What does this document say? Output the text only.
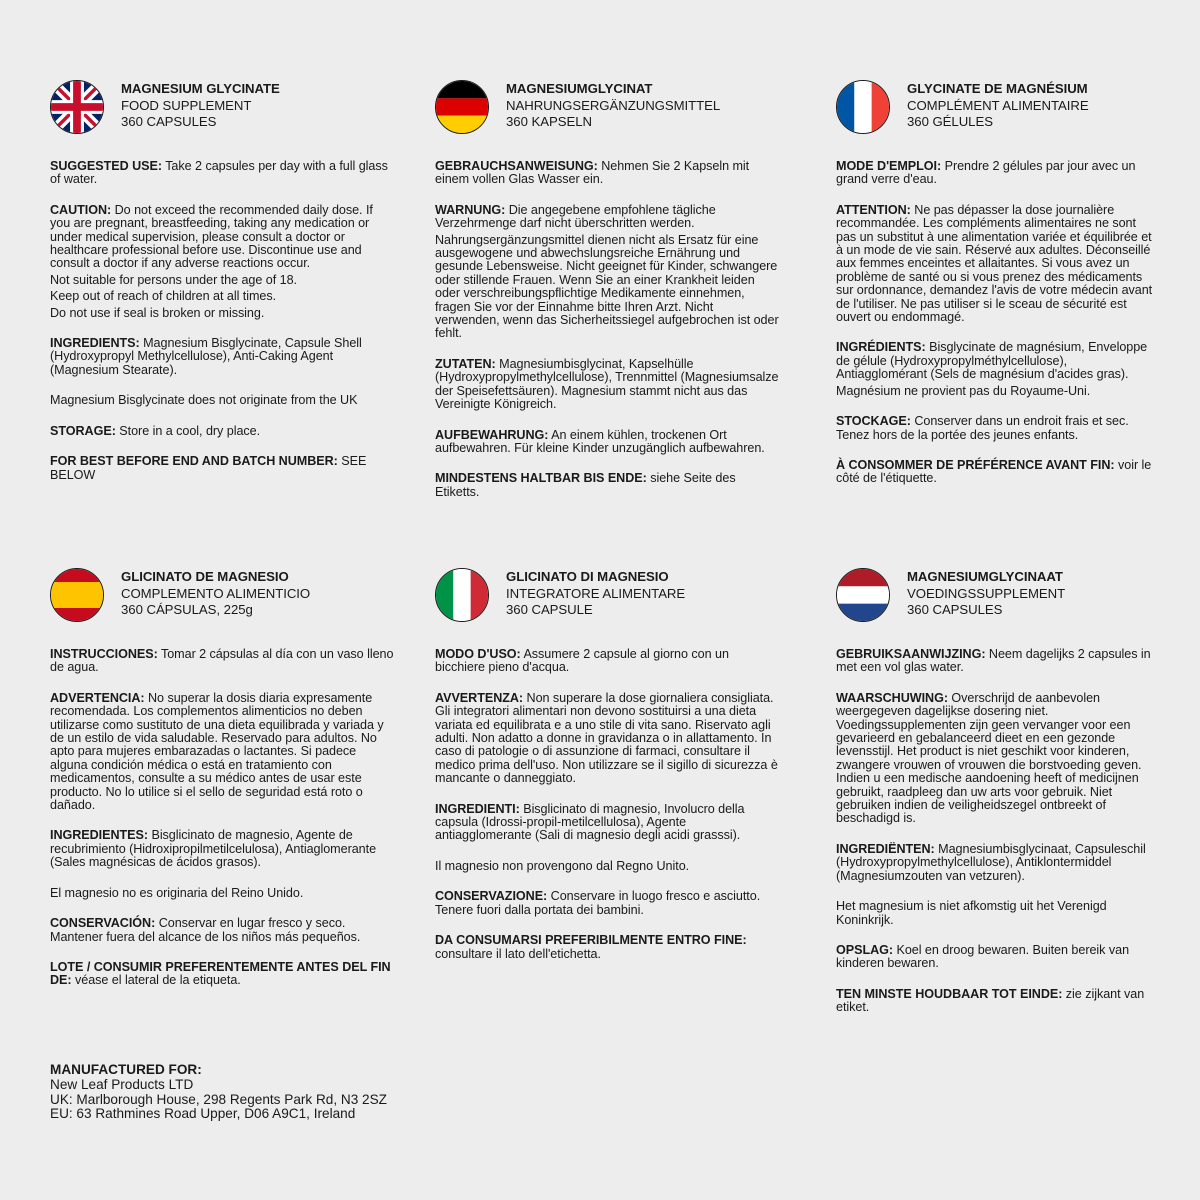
MAGNESIUM GLYCINATE
FOOD SUPPLEMENT
360 CAPSULES

SUGGESTED USE: Take 2 capsules per day with a full glass of water.

CAUTION: Do not exceed the recommended daily dose. If you are pregnant, breastfeeding, taking any medication or under medical supervision, please consult a doctor or healthcare professional before use. Discontinue use and consult a doctor if any adverse reactions occur.

Not suitable for persons under the age of 18.

Keep out of reach of children at all times.

Do not use if seal is broken or missing.

INGREDIENTS: Magnesium Bisglycinate, Capsule Shell (Hydroxypropyl Methylcellulose), Anti-Caking Agent (Magnesium Stearate).

Magnesium Bisglycinate does not originate from the UK

STORAGE: Store in a cool, dry place.

FOR BEST BEFORE END AND BATCH NUMBER: SEE BELOW

MAGNESIUMGLYCINAT
NAHRUNGSERGÄNZUNGSMITTEL
360 KAPSELN

GEBRAUCHSANWEISUNG: Nehmen Sie 2 Kapseln mit einem vollen Glas Wasser ein.

WARNUNG: Die angegebene empfohlene tägliche Verzehrmenge darf nicht überschritten werden.

Nahrungsergänzungsmittel dienen nicht als Ersatz für eine ausgewogene und abwechslungsreiche Ernährung und gesunde Lebensweise. Nicht geeignet für Kinder, schwangere oder stillende Frauen. Wenn Sie an einer Krankheit leiden oder verschreibungspflichtige Medikamente einnehmen, fragen Sie vor der Einnahme bitte Ihren Arzt. Nicht verwenden, wenn das Sicherheitssiegel aufgebrochen ist oder fehlt.

ZUTATEN: Magnesiumbisglycinat, Kapselhülle (Hydroxypropylmethylcellulose), Trennmittel (Magnesiumsalze der Speisefettsäuren). Magnesium stammt nicht aus das Vereinigte Königreich.

AUFBEWAHRUNG: An einem kühlen, trockenen Ort aufbewahren. Für kleine Kinder unzugänglich aufbewahren.

MINDESTENS HALTBAR BIS ENDE: siehe Seite des Etiketts.

GLYCINATE DE MAGNÉSIUM
COMPLÉMENT ALIMENTAIRE
360 GÉLULES

MODE D'EMPLOI: Prendre 2 gélules par jour avec un grand verre d'eau.

ATTENTION: Ne pas dépasser la dose journalière recommandée. Les compléments alimentaires ne sont pas un substitut à une alimentation variée et équilibrée et à un mode de vie sain. Réservé aux adultes. Déconseillé aux femmes enceintes et allaitantes. Si vous avez un problème de santé ou si vous prenez des médicaments sur ordonnance, demandez l'avis de votre médecin avant de l'utiliser. Ne pas utiliser si le sceau de sécurité est ouvert ou endommagé.

INGRÉDIENTS: Bisglycinate de magnésium, Enveloppe de gélule (Hydroxypropylméthylcellulose), Antiagglomérant (Sels de magnésium d'acides gras).

Magnésium ne provient pas du Royaume-Uni.

STOCKAGE: Conserver dans un endroit frais et sec. Tenez hors de la portée des jeunes enfants.

À CONSOMMER DE PRÉFÉRENCE AVANT FIN: voir le côté de l'étiquette.

GLICINATO DE MAGNESIO
COMPLEMENTO ALIMENTICIO
360 CÁPSULAS, 225g

INSTRUCCIONES: Tomar 2 cápsulas al día con un vaso lleno de agua.

ADVERTENCIA: No superar la dosis diaria expresamente recomendada. Los complementos alimenticios no deben utilizarse como sustituto de una dieta equilibrada y variada y de un estilo de vida saludable. Reservado para adultos. No apto para mujeres embarazadas o lactantes. Si padece alguna condición médica o está en tratamiento con medicamentos, consulte a su médico antes de usar este producto. No lo utilice si el sello de seguridad está roto o dañado.

INGREDIENTES: Bisglicinato de magnesio, Agente de recubrimiento (Hidroxipropilmetilcelulosa), Antiaglomerante (Sales magnésicas de ácidos grasos).

El magnesio no es originaria del Reino Unido.

CONSERVACIÓN: Conservar en lugar fresco y seco. Mantener fuera del alcance de los niños más pequeños.

LOTE / CONSUMIR PREFERENTEMENTE ANTES DEL FIN DE: véase el lateral de la etiqueta.

GLICINATO DI MAGNESIO
INTEGRATORE ALIMENTARE
360 CAPSULE

MODO D'USO: Assumere 2 capsule al giorno con un bicchiere pieno d'acqua.

AVVERTENZA: Non superare la dose giornaliera consigliata. Gli integratori alimentari non devono sostituirsi a una dieta variata ed equilibrata e a uno stile di vita sano. Riservato agli adulti. Non adatto a donne in gravidanza o in allattamento. In caso di patologie o di assunzione di farmaci, consultare il medico prima dell'uso. Non utilizzare se il sigillo di sicurezza è mancante o danneggiato.

INGREDIENTI: Bisglicinato di magnesio, Involucro della capsula (Idrossi-propil-metilcellulosa), Agente antiagglomerante (Sali di magnesio degli acidi grasssi).

Il magnesio non provengono dal Regno Unito.

CONSERVAZIONE: Conservare in luogo fresco e asciutto. Tenere fuori dalla portata dei bambini.

DA CONSUMARSI PREFERIBILMENTE ENTRO FINE:
consultare il lato dell'etichetta.

MAGNESIUMGLYCINAAT
VOEDINGSSUPPLEMENT
360 CAPSULES

GEBRUIKSAANWIJZING: Neem dagelijks 2 capsules in met een vol glas water.

WAARSCHUWING: Overschrijd de aanbevolen weergegeven dagelijkse dosering niet. Voedingssupplementen zijn geen vervanger voor een gevarieerd en gebalanceerd dieet en een gezonde levensstijl. Het product is niet geschikt voor kinderen, zwangere vrouwen of vrouwen die borstvoeding geven. Indien u een medische aandoening heeft of medicijnen gebruikt, raadpleeg dan uw arts voor gebruik. Niet gebruiken indien de veiligheidszegel ontbreekt of beschadigd is.

INGREDIËNTEN: Magnesiumbisglycinaat, Capsuleschil (Hydroxypropylmethylcellulose), Antiklontermiddel (Magnesiumzouten van vetzuren).

Het magnesium is niet afkomstig uit het Verenigd Koninkrijk.

OPSLAG: Koel en droog bewaren. Buiten bereik van kinderen bewaren.

TEN MINSTE HOUDBAAR TOT EINDE: zie zijkant van etiket.

MANUFACTURED FOR:
New Leaf Products LTD
UK: Marlborough House, 298 Regents Park Rd, N3 2SZ
EU: 63 Rathmines Road Upper, D06 A9C1, Ireland
